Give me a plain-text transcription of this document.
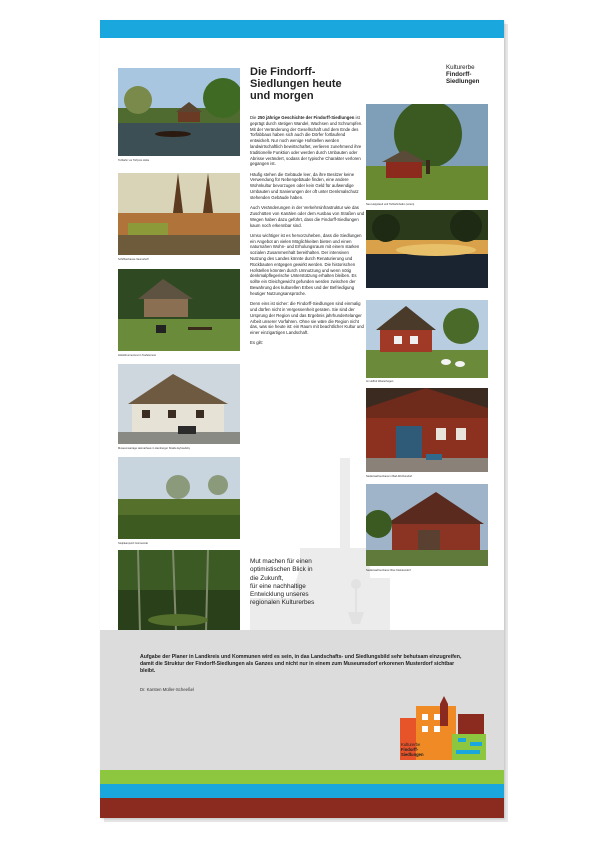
Torfkahn vor Torfpros Hütte
Schiffsschause Vaumehoff
Hüttolbrunnenrest in Teufelsmoor
Museumsanlage Heimathaus in Hamberger Straße Eyhoedsby
Stulpkampwirt Günnerode
Neu Helgoland und Torfkahnhafen (unten)
Im Hofhof Westerhegen
Niedersachsenhaus in Bad-Worthendorf
Niedersachsenhaus Ober-Kleinkendorf
Kulturerbe
Findorff-
Siedlungen
Die Findorff-
Siedlungen heute
und morgen

Die 250 jährige Geschichte der Findorff-Siedlungen ist geprägt durch stetigen Wandel, Wachsen und Schrumpfen. Mit der Veränderung der Gesellschaft und dem Ende des Torfabbaus haben sich auch die Dörfer fortlaufend entwickelt. Nur noch wenige Hofstellen werden landwirtschaftlich bewirtschaftet, verlieren zunehmend ihre traditionelle Funktion oder werden durch Umbauten oder Abrisse verändert, sodass der typische Charakter verloren gegangen ist.

Häufig stehen die Gebäude leer, da ihre Besitzer keine Verwendung für Nebengebäude finden, eine andere Wohnkultur bevorzugen oder kein Geld für aufwendige Umbauten und Sanierungen der oft unter Denkmalschutz stehenden Gebäude haben.

Auch Veränderungen in der Verkehrsinfrastruktur wie das Zuschütten von Kanälen oder dem Ausbau von Straßen und Wegen haben dazu geführt, dass die Findorff-Siedlungen kaum noch erkennbar sind.

Umso wichtiger ist es hervorzuheben, dass die Siedlungen ein Angebot an vielen Möglichkeiten bieten und einen naturnahen Wohn- und Erholungsraum mit einem starken sozialen Zusammenhalt bereithalten. Der intensiven Nutzung des Landes könnte durch Renaturierung und Rückbauten entgegen gewirkt werden. Die historischen Hofstellen könnten durch Umnutzung und wenn nötig denkmalpflegerische Unterstützung erhalten bleiben. Es sollte ein Gleichgewicht gefunden werden zwischen der Bewahrung des kulturellen Erbes und der Befriedigung heutiger Nutzungsansprüche.

Denn eins ist sicher: die Findorff-Siedlungen sind einmalig und dürfen nicht in Vergessenheit geraten. Sie sind der Ursprung der Region und das Ergebnis jahrhundertelanger Arbeit unserer Vorfahren. Ohne sie wäre die Region nicht das, was sie heute ist: ein Raum mit beachtlicher Kultur und einer einzigartigen Landschaft.

Es gilt:

Mut machen für einen
optimistischen Blick in
die Zukunft,
für eine nachhaltige
Entwicklung unseres
regionalen Kulturerbes
Aufgabe der Planer in Landkreis und Kommunen wird es sein, in das Landschafts- und Siedlungsbild sehr behutsam einzugreifen, damit die Struktur der Findorff-Siedlungen als Ganzes und nicht nur in einem zum Museumsdorf erkorenen Musterdorf sichtbar bleibt.
Dr. Karsten Müller-Scheeßel
Kulturerbe
Findorff-
Siedlungen
